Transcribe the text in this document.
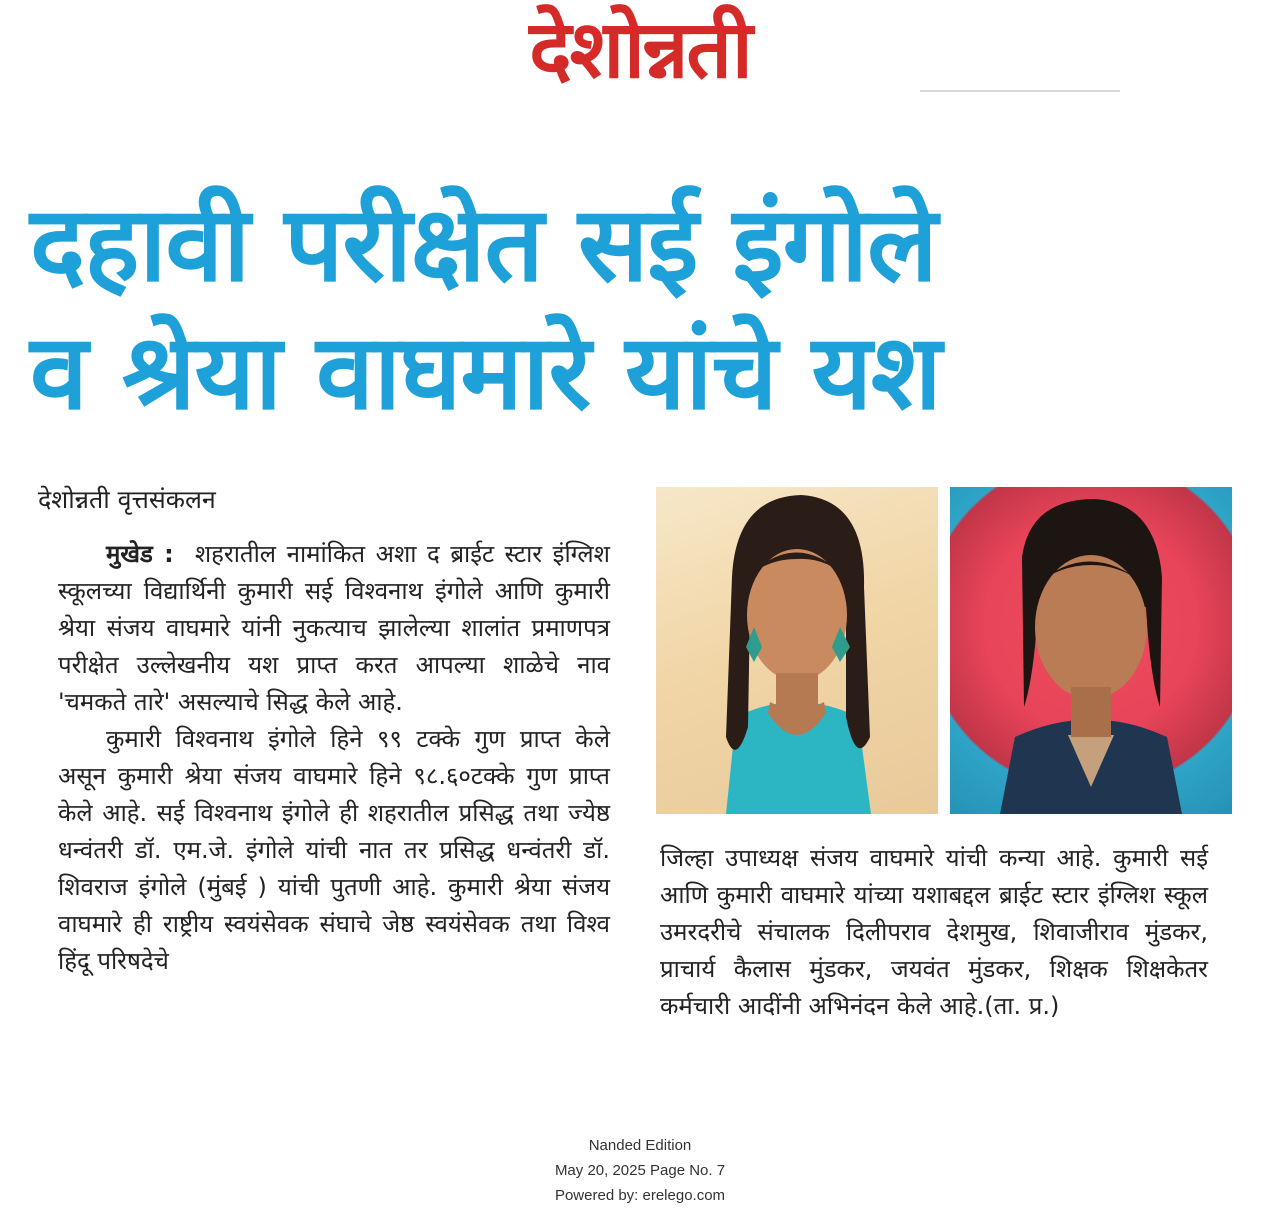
देशोन्नती
दहावी परीक्षेत सई इंगोले
व श्रेया वाघमारे यांचे यश
देशोन्नती वृत्तसंकलन

मुखेड : शहरातील नामांकित अशा द ब्राईट स्टार इंग्लिश स्कूलच्या विद्यार्थिनी कुमारी सई विश्वनाथ इंगोले आणि कुमारी श्रेया संजय वाघमारे यांनी नुकत्याच झालेल्या शालांत प्रमाणपत्र परीक्षेत उल्लेखनीय यश प्राप्त करत आपल्या शाळेचे नाव 'चमकते तारे' असल्याचे सिद्ध केले आहे.

कुमारी विश्वनाथ इंगोले हिने ९९ टक्के गुण प्राप्त केले असून कुमारी श्रेया संजय वाघमारे हिने ९८.६०टक्के गुण प्राप्त केले आहे. सई विश्वनाथ इंगोले ही शहरातील प्रसिद्ध तथा ज्येष्ठ धन्वंतरी डॉ. एम.जे. इंगोले यांची नात तर प्रसिद्ध धन्वंतरी डॉ. शिवराज इंगोले (मुंबई ) यांची पुतणी आहे. कुमारी श्रेया संजय वाघमारे ही राष्ट्रीय स्वयंसेवक संघाचे जेष्ठ स्वयंसेवक तथा विश्व हिंदू परिषदेचे

जिल्हा उपाध्यक्ष संजय वाघमारे यांची कन्या आहे. कुमारी सई आणि कुमारी वाघमारे यांच्या यशाबद्दल ब्राईट स्टार इंग्लिश स्कूल उमरदरीचे संचालक दिलीपराव देशमुख, शिवाजीराव मुंडकर, प्राचार्य कैलास मुंडकर, जयवंत मुंडकर, शिक्षक शिक्षकेतर कर्मचारी आदींनी अभिनंदन केले आहे.(ता. प्र.)

Nanded Edition
May 20, 2025 Page No. 7
Powered by: erelego.com
